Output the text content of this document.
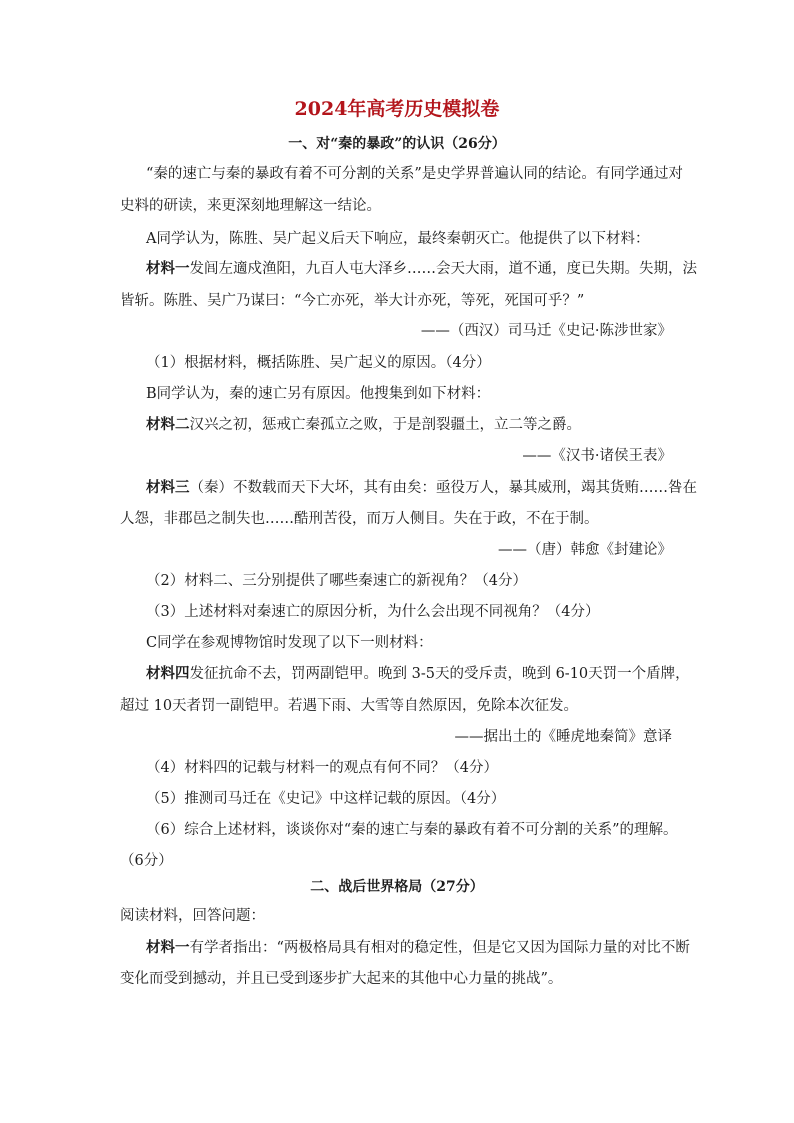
2024年高考历史模拟卷
一、对“秦的暴政”的认识（26分）
“秦的速亡与秦的暴政有着不可分割的关系”是史学界普遍认同的结论。有同学通过对
史料的研读，来更深刻地理解这一结论。
A同学认为，陈胜、吴广起义后天下响应，最终秦朝灭亡。他提供了以下材料：
材料一发闾左適戍渔阳，九百人屯大泽乡……会天大雨，道不通，度已失期。失期，法
皆斩。陈胜、吴广乃谋曰：“今亡亦死，举大计亦死，等死，死国可乎？”
——（西汉）司马迁《史记·陈涉世家》
（1）根据材料，概括陈胜、吴广起义的原因。（4分）
B同学认为，秦的速亡另有原因。他搜集到如下材料：
材料二汉兴之初，惩戒亡秦孤立之败，于是剖裂疆土，立二等之爵。
——《汉书·诸侯王表》
材料三（秦）不数载而天下大坏，其有由矣：亟役万人，暴其威刑，竭其货贿……咎在
人怨，非郡邑之制失也……酷刑苦役，而万人侧目。失在于政，不在于制。
——（唐）韩愈《封建论》
（2）材料二、三分别提供了哪些秦速亡的新视角？（4分）
（3）上述材料对秦速亡的原因分析，为什么会出现不同视角？（4分）
C同学在参观博物馆时发现了以下一则材料：
材料四发征抗命不去，罚两副铠甲。晚到 3-5天的受斥责，晚到 6-10天罚一个盾牌，
超过 10天者罚一副铠甲。若遇下雨、大雪等自然原因，免除本次征发。
——据出土的《睡虎地秦简》意译
（4）材料四的记载与材料一的观点有何不同？（4分）
（5）推测司马迁在《史记》中这样记载的原因。（4分）
（6）综合上述材料，谈谈你对“秦的速亡与秦的暴政有着不可分割的关系”的理解。
（6分）
二、战后世界格局（27分）
阅读材料，回答问题：
材料一有学者指出：“两极格局具有相对的稳定性，但是它又因为国际力量的对比不断
变化而受到撼动，并且已受到逐步扩大起来的其他中心力量的挑战”。
